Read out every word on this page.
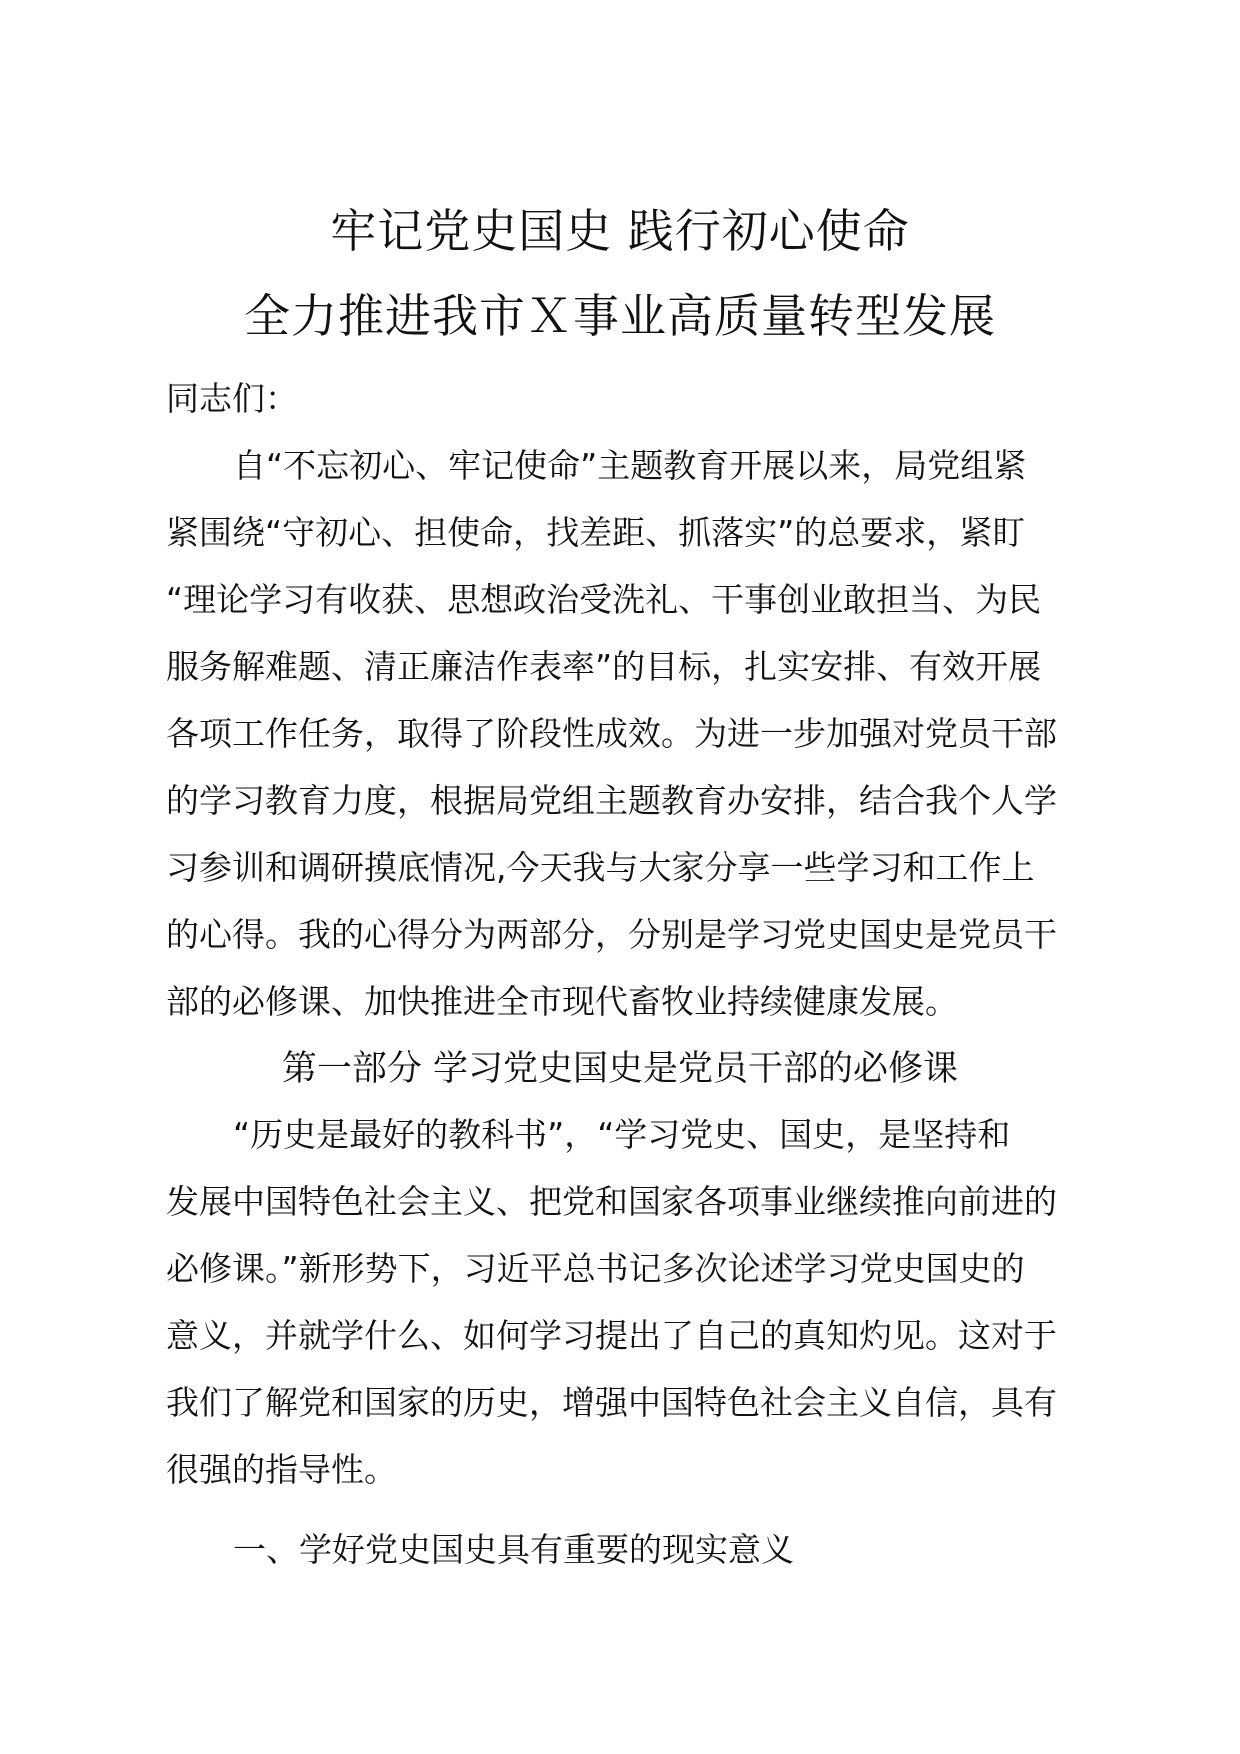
牢记党史国史 践行初心使命
全力推进我市Ｘ事业高质量转型发展
同志们：
自“不忘初心、牢记使命”主题教育开展以来，局党组紧
紧围绕“守初心、担使命，找差距、抓落实”的总要求，紧盯
“理论学习有收获、思想政治受洗礼、干事创业敢担当、为民
服务解难题、清正廉洁作表率”的目标，扎实安排、有效开展
各项工作任务，取得了阶段性成效。为进一步加强对党员干部
的学习教育力度，根据局党组主题教育办安排，结合我个人学
习参训和调研摸底情况,今天我与大家分享一些学习和工作上
的心得。我的心得分为两部分，分别是学习党史国史是党员干
部的必修课、加快推进全市现代畜牧业持续健康发展。
第一部分 学习党史国史是党员干部的必修课
“历史是最好的教科书”，“学习党史、国史，是坚持和
发展中国特色社会主义、把党和国家各项事业继续推向前进的
必修课。”新形势下，习近平总书记多次论述学习党史国史的
意义，并就学什么、如何学习提出了自己的真知灼见。这对于
我们了解党和国家的历史，增强中国特色社会主义自信，具有
很强的指导性。
一、学好党史国史具有重要的现实意义
